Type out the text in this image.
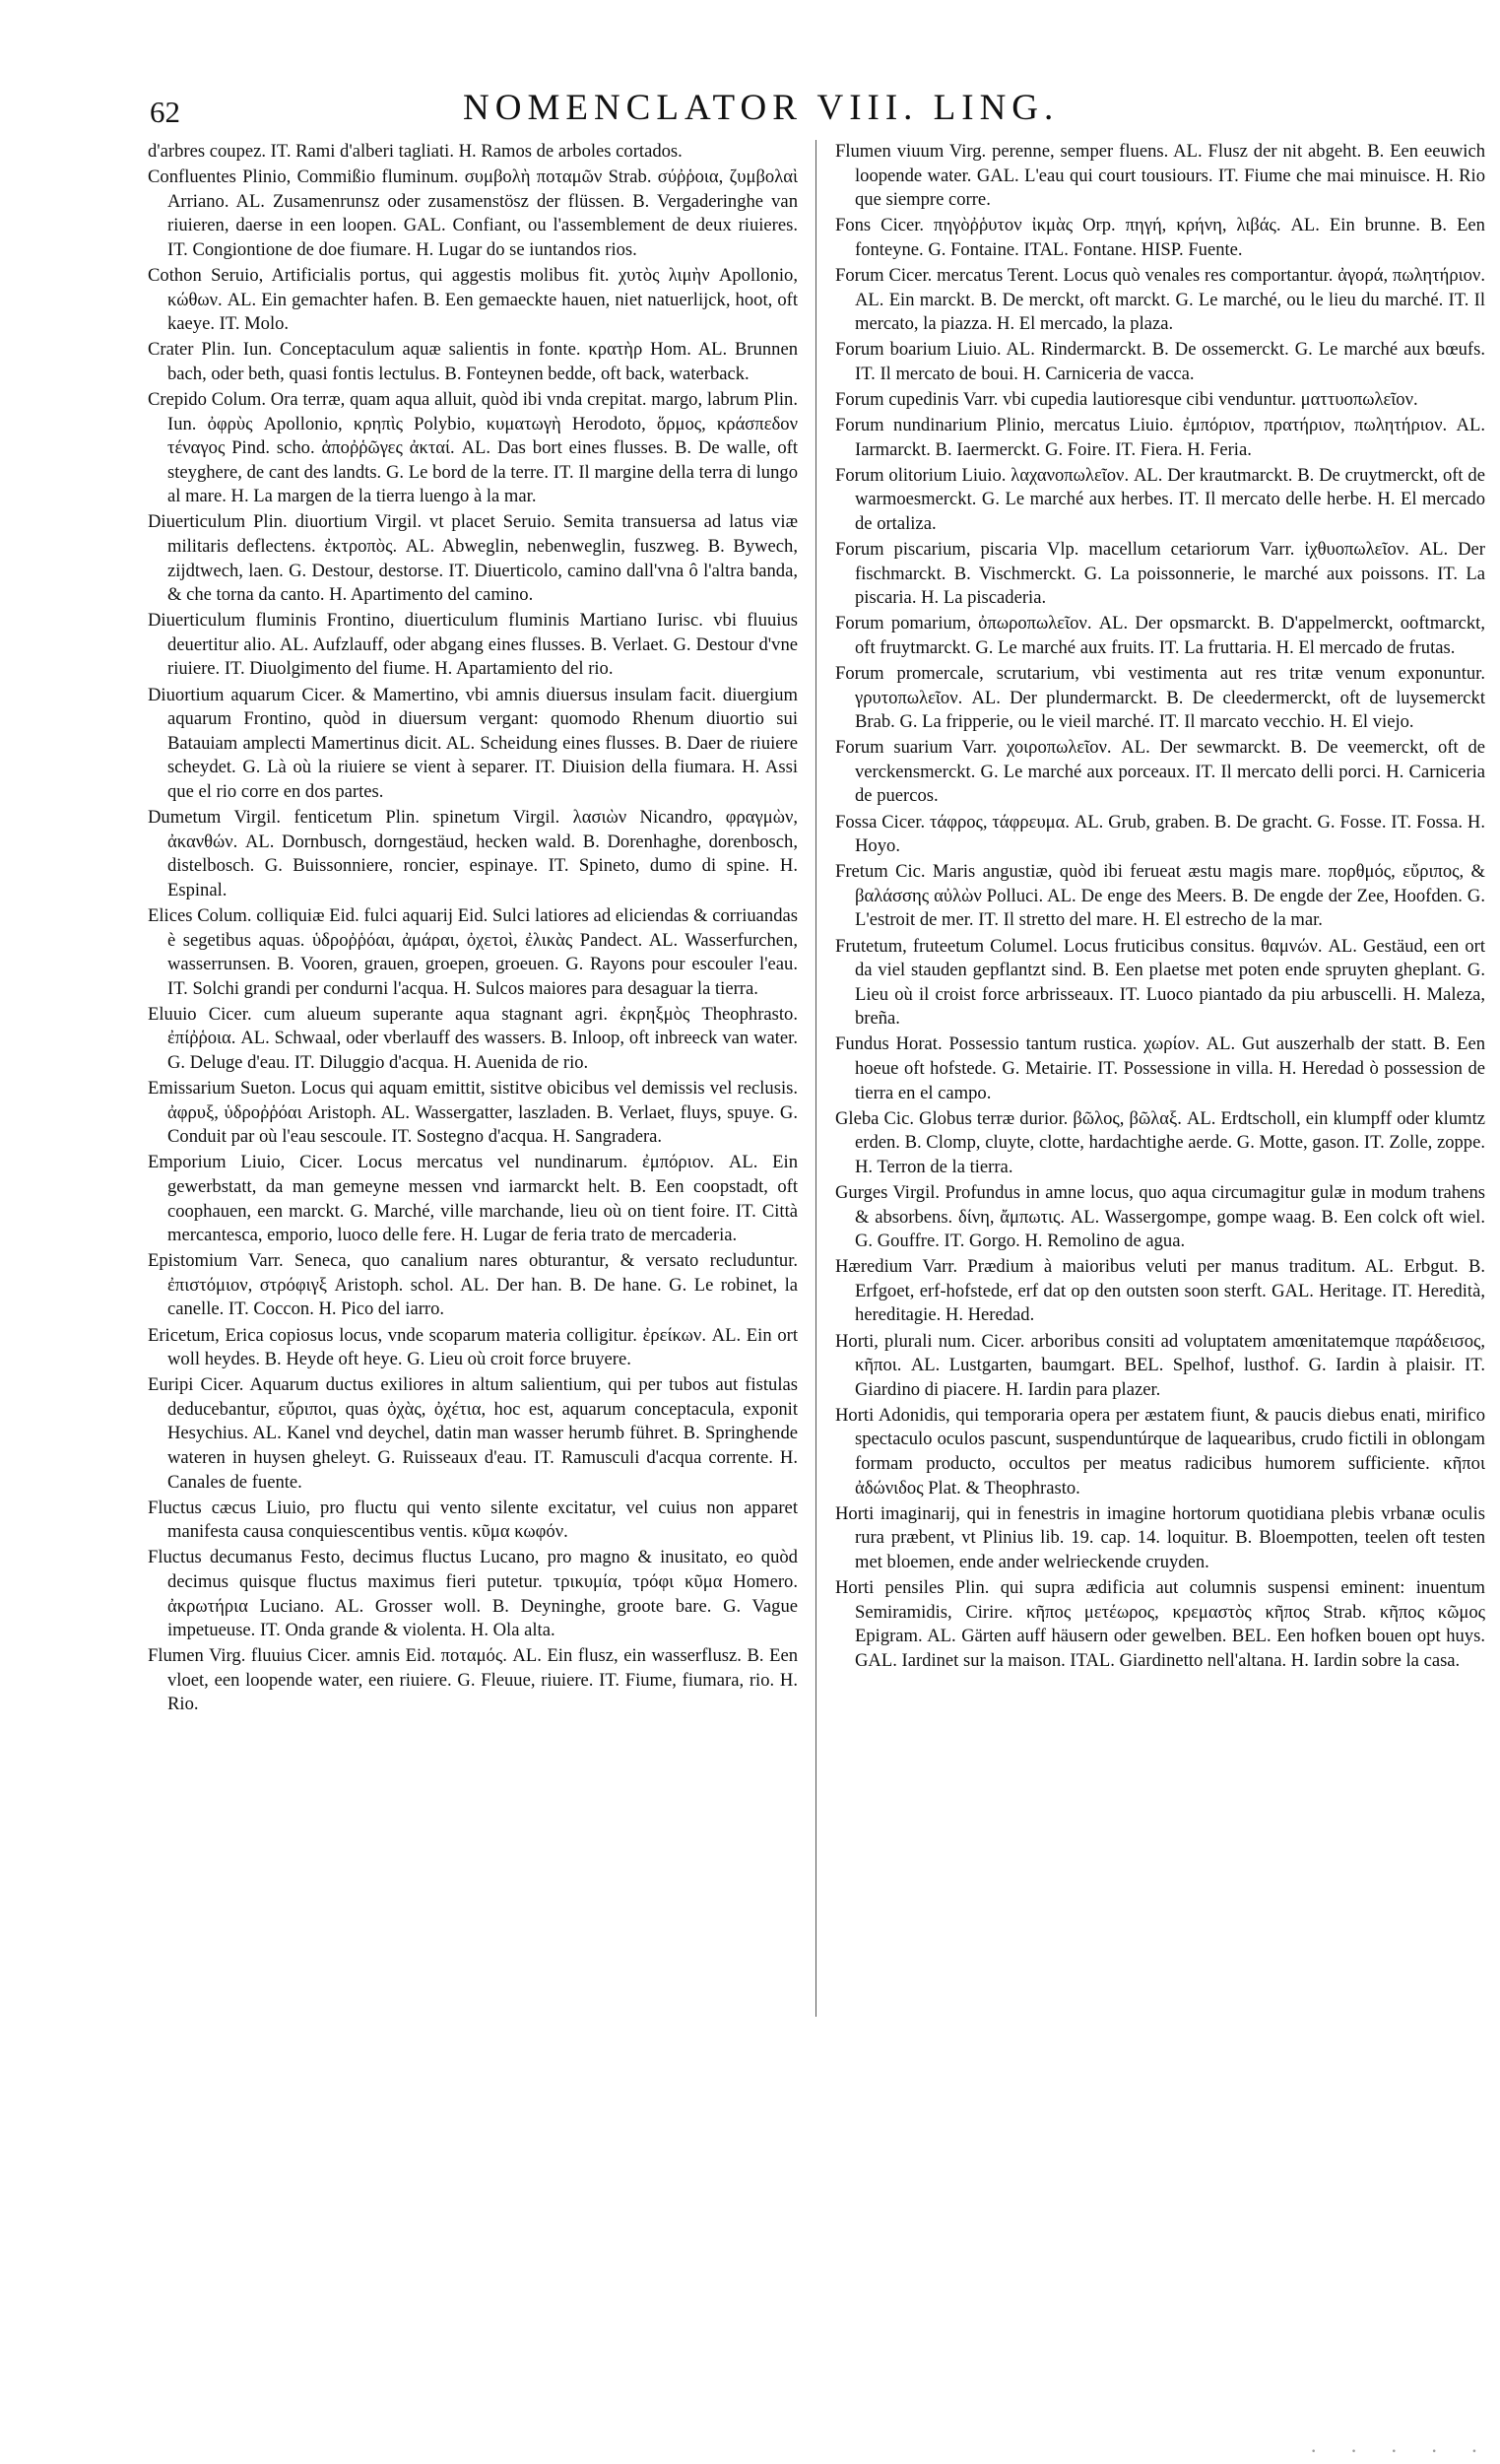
62	NOMENCLATOR VIII. LING.

d'arbres coupez. IT. Rami d'alberi tagliati. H. Ramos de arboles cortados.

Confluentes Plinio, Commißio fluminum. συμβολὴ ποταμῶν Strab. σύῤῥοια, ζυμβολαὶ Arriano. AL. Zusamenrunsz oder zusamenstösz der flüssen. B. Vergaderinghe van riuieren, daerse in een loopen. GAL. Confiant, ou l'assemblement de deux riuieres. IT. Congiontione de doe fiumare. H. Lugar do se iuntandos rios.

Cothon Seruio, Artificialis portus, qui aggestis molibus fit. χυτὸς λιμὴν Apollonio, κώθων. AL. Ein gemachter hafen. B. Een gemaeckte hauen, niet natuerlijck, hoot, oft kaeye. IT. Molo.

Crater Plin. Iun. Conceptaculum aquæ salientis in fonte. κρατὴρ Hom. AL. Brunnen bach, oder beth, quasi fontis lectulus. B. Fonteynen bedde, oft back, waterback.

Crepido Colum. Ora terræ, quam aqua alluit, quòd ibi vnda crepitat. margo, labrum Plin. Iun. ὀφρὺς Apollonio, κρηπὶς Polybio, κυματωγὴ Herodoto, ὅρμος, κράσπεδον τέναγος Pind. scho. ἀποῤῥῶγες ἀκταί. AL. Das bort eines flusses. B. De walle, oft steyghere, de cant des landts. G. Le bord de la terre. IT. Il margine della terra di lungo al mare. H. La margen de la tierra luengo à la mar.

Diuerticulum Plin. diuortium Virgil. vt placet Seruio. Semita transuersa ad latus viæ militaris deflectens. ἐκτροπὸς. AL. Abweglin, nebenweglin, fuszweg. B. Bywech, zijdtwech, laen. G. Destour, destorse. IT. Diuerticolo, camino dall'vna ô l'altra banda, & che torna da canto. H. Apartimento del camino.

Diuerticulum fluminis Frontino, diuerticulum fluminis Martiano Iurisc. vbi fluuius deuertitur alio. AL. Aufzlauff, oder abgang eines flusses. B. Verlaet. G. Destour d'vne riuiere. IT. Diuolgimento del fiume. H. Apartamiento del rio.

Diuortium aquarum Cicer. & Mamertino, vbi amnis diuersus insulam facit. diuergium aquarum Frontino, quòd in diuersum vergant: quomodo Rhenum diuortio sui Batauiam amplecti Mamertinus dicit. AL. Scheidung eines flusses. B. Daer de riuiere scheydet. G. Là où la riuiere se vient à separer. IT. Diuision della fiumara. H. Assi que el rio corre en dos partes.

Dumetum Virgil. fenticetum Plin. spinetum Virgil. λασιὼν Nicandro, φραγμὼν, ἀκανθών. AL. Dornbusch, dorngestäud, hecken wald. B. Dorenhaghe, dorenbosch, distelbosch. G. Buissonniere, roncier, espinaye. IT. Spineto, dumo di spine. H. Espinal.

Elices Colum. colliquiæ Eid. fulci aquarij Eid. Sulci latiores ad eliciendas & corriuandas è segetibus aquas. ὑδροῤῥόαι, ἀμάραι, ὀχετοὶ, ἐλικὰς Pandect. AL. Wasserfurchen, wasserrunsen. B. Vooren, grauen, groepen, groeuen. G. Rayons pour escouler l'eau. IT. Solchi grandi per condurni l'acqua. H. Sulcos maiores para desaguar la tierra.

Eluuio Cicer. cum alueum superante aqua stagnant agri. ἐκρηξμὸς Theophrasto. ἐπίῤῥοια. AL. Schwaal, oder vberlauff des wassers. B. Inloop, oft inbreeck van water. G. Deluge d'eau. IT. Diluggio d'acqua. H. Auenida de rio.

Emissarium Sueton. Locus qui aquam emittit, sistitve obicibus vel demissis vel reclusis. ἀφρυξ, ὑδροῤῥόαι Aristoph. AL. Wassergatter, laszladen. B. Verlaet, fluys, spuye. G. Conduit par où l'eau sescoule. IT. Sostegno d'acqua. H. Sangradera.

Emporium Liuio, Cicer. Locus mercatus vel nundinarum. ἐμπόριον. AL. Ein gewerbstatt, da man gemeyne messen vnd iarmarckt helt. B. Een coopstadt, oft coophauen, een marckt. G. Marché, ville marchande, lieu où on tient foire. IT. Città mercantesca, emporio, luoco delle fere. H. Lugar de feria trato de mercaderia.

Epistomium Varr. Seneca, quo canalium nares obturantur, & versato recluduntur. ἐπιστόμιον, στρόφιγξ Aristoph. schol. AL. Der han. B. De hane. G. Le robinet, la canelle. IT. Coccon. H. Pico del iarro.

Ericetum, Erica copiosus locus, vnde scoparum materia colligitur. ἐρείκων. AL. Ein ort woll heydes. B. Heyde oft heye. G. Lieu où croit force bruyere.

Euripi Cicer. Aquarum ductus exiliores in altum salientium, qui per tubos aut fistulas deducebantur, εὔριποι, quas ὀχὰς, ὀχέτια, hoc est, aquarum conceptacula, exponit Hesychius. AL. Kanel vnd deychel, datin man wasser herumb führet. B. Springhende wateren in huysen gheleyt. G. Ruisseaux d'eau. IT. Ramusculi d'acqua corrente. H. Canales de fuente.

Fluctus cæcus Liuio, pro fluctu qui vento silente excitatur, vel cuius non apparet manifesta causa conquiescentibus ventis. κῦμα κωφόν.

Fluctus decumanus Festo, decimus fluctus Lucano, pro magno & inusitato, eo quòd decimus quisque fluctus maximus fieri putetur. τρικυμία, τρόφι κῦμα Homero. ἀκρωτήρια Luciano. AL. Grosser woll. B. Deyninghe, groote bare. G. Vague impetueuse. IT. Onda grande & violenta. H. Ola alta.

Flumen Virg. fluuius Cicer. amnis Eid. ποταμός. AL. Ein flusz, ein wasserflusz. B. Een vloet, een loopende water, een riuiere. G. Fleuue, riuiere. IT. Fiume, fiumara, rio. H. Rio.

Flumen viuum Virg. perenne, semper fluens. AL. Flusz der nit abgeht. B. Een eeuwich loopende water. GAL. L'eau qui court tousiours. IT. Fiume che mai minuisce. H. Rio que siempre corre.

Fons Cicer. πηγὸῤῥυτον ἰκμὰς Orp. πηγή, κρήνη, λιβάς. AL. Ein brunne. B. Een fonteyne. G. Fontaine. ITAL. Fontane. HISP. Fuente.

Forum Cicer. mercatus Terent. Locus quò venales res comportantur. ἀγορά, πωλητήριον. AL. Ein marckt. B. De merckt, oft marckt. G. Le marché, ou le lieu du marché. IT. Il mercato, la piazza. H. El mercado, la plaza.

Forum boarium Liuio. AL. Rindermarckt. B. De ossemerckt. G. Le marché aux bœufs. IT. Il mercato de boui. H. Carniceria de vacca.

Forum cupedinis Varr. vbi cupedia lautioresque cibi venduntur. ματτυοπωλεῖον.

Forum nundinarium Plinio, mercatus Liuio. ἐμπόριον, πρατήριον, πωλητήριον. AL. Iarmarckt. B. Iaermerckt. G. Foire. IT. Fiera. H. Feria.

Forum olitorium Liuio. λαχανοπωλεῖον. AL. Der krautmarckt. B. De cruytmerckt, oft de warmoesmerckt. G. Le marché aux herbes. IT. Il mercato delle herbe. H. El mercado de ortaliza.

Forum piscarium, piscaria Vlp. macellum cetariorum Varr. ἰχθυοπωλεῖον. AL. Der fischmarckt. B. Vischmerckt. G. La poissonnerie, le marché aux poissons. IT. La piscaria. H. La piscaderia.

Forum pomarium, ὀπωροπωλεῖον. AL. Der opsmarckt. B. D'appelmerckt, ooftmarckt, oft fruytmarckt. G. Le marché aux fruits. IT. La fruttaria. H. El mercado de frutas.

Forum promercale, scrutarium, vbi vestimenta aut res tritæ venum exponuntur. γρυτοπωλεῖον. AL. Der plundermarckt. B. De cleedermerckt, oft de luysemerckt Brab. G. La fripperie, ou le vieil marché. IT. Il marcato vecchio. H. El viejo.

Forum suarium Varr. χοιροπωλεῖον. AL. Der sewmarckt. B. De veemerckt, oft de verckensmerckt. G. Le marché aux porceaux. IT. Il mercato delli porci. H. Carniceria de puercos.

Fossa Cicer. τάφρος, τάφρευμα. AL. Grub, graben. B. De gracht. G. Fosse. IT. Fossa. H. Hoyo.

Fretum Cic. Maris angustiæ, quòd ibi ferueat æstu magis mare. πορθμός, εὔριπος, & βαλάσσης αὐλὼν Polluci. AL. De enge des Meers. B. De engde der Zee, Hoofden. G. L'estroit de mer. IT. Il stretto del mare. H. El estrecho de la mar.

Frutetum, fruteetum Columel. Locus fruticibus consitus. θαμνών. AL. Gestäud, een ort da viel stauden gepflantzt sind. B. Een plaetse met poten ende spruyten gheplant. G. Lieu où il croist force arbrisseaux. IT. Luoco piantado da piu arbuscelli. H. Maleza, breña.

Fundus Horat. Possessio tantum rustica. χωρίον. AL. Gut auszerhalb der statt. B. Een hoeue oft hofstede. G. Metairie. IT. Possessione in villa. H. Heredad ò possession de tierra en el campo.

Gleba Cic. Globus terræ durior. βῶλος, βῶλαξ. AL. Erdtscholl, ein klumpff oder klumtz erden. B. Clomp, cluyte, clotte, hardachtighe aerde. G. Motte, gason. IT. Zolle, zoppe. H. Terron de la tierra.

Gurges Virgil. Profundus in amne locus, quo aqua circumagitur gulæ in modum trahens & absorbens. δίνη, ἄμπωτις. AL. Wassergompe, gompe waag. B. Een colck oft wiel. G. Gouffre. IT. Gorgo. H. Remolino de agua.

Hæredium Varr. Prædium à maioribus veluti per manus traditum. AL. Erbgut. B. Erfgoet, erf-hofstede, erf dat op den outsten soon sterft. GAL. Heritage. IT. Heredità, hereditagie. H. Heredad.

Horti, plurali num. Cicer. arboribus consiti ad voluptatem amœnitatemque παράδεισος, κῆποι. AL. Lustgarten, baumgart. BEL. Spelhof, lusthof. G. Iardin à plaisir. IT. Giardino di piacere. H. Iardin para plazer.

Horti Adonidis, qui temporaria opera per æstatem fiunt, & paucis diebus enati, mirifico spectaculo oculos pascunt, suspenduntúrque de laquearibus, crudo fictili in oblongam formam producto, occultos per meatus radicibus humorem sufficiente. κῆποι ἀδώνιδος Plat. & Theophrasto.

Horti imaginarij, qui in fenestris in imagine hortorum quotidiana plebis vrbanæ oculis rura præbent, vt Plinius lib. 19. cap. 14. loquitur. B. Bloempotten, teelen oft testen met bloemen, ende ander welrieckende cruyden.

Horti pensiles Plin. qui supra ædificia aut columnis suspensi eminent: inuentum Semiramidis, Cirire. κῆπος μετέωρος, κρεμαστὸς κῆπος Strab. κῆπος κῶμος Epigram. AL. Gärten auff häusern oder gewelben. BEL. Een hofken bouen opt huys. GAL. Iardinet sur la maison. ITAL. Giardinetto nell'altana. H. Iardin sobre la casa.

· · · · ·
